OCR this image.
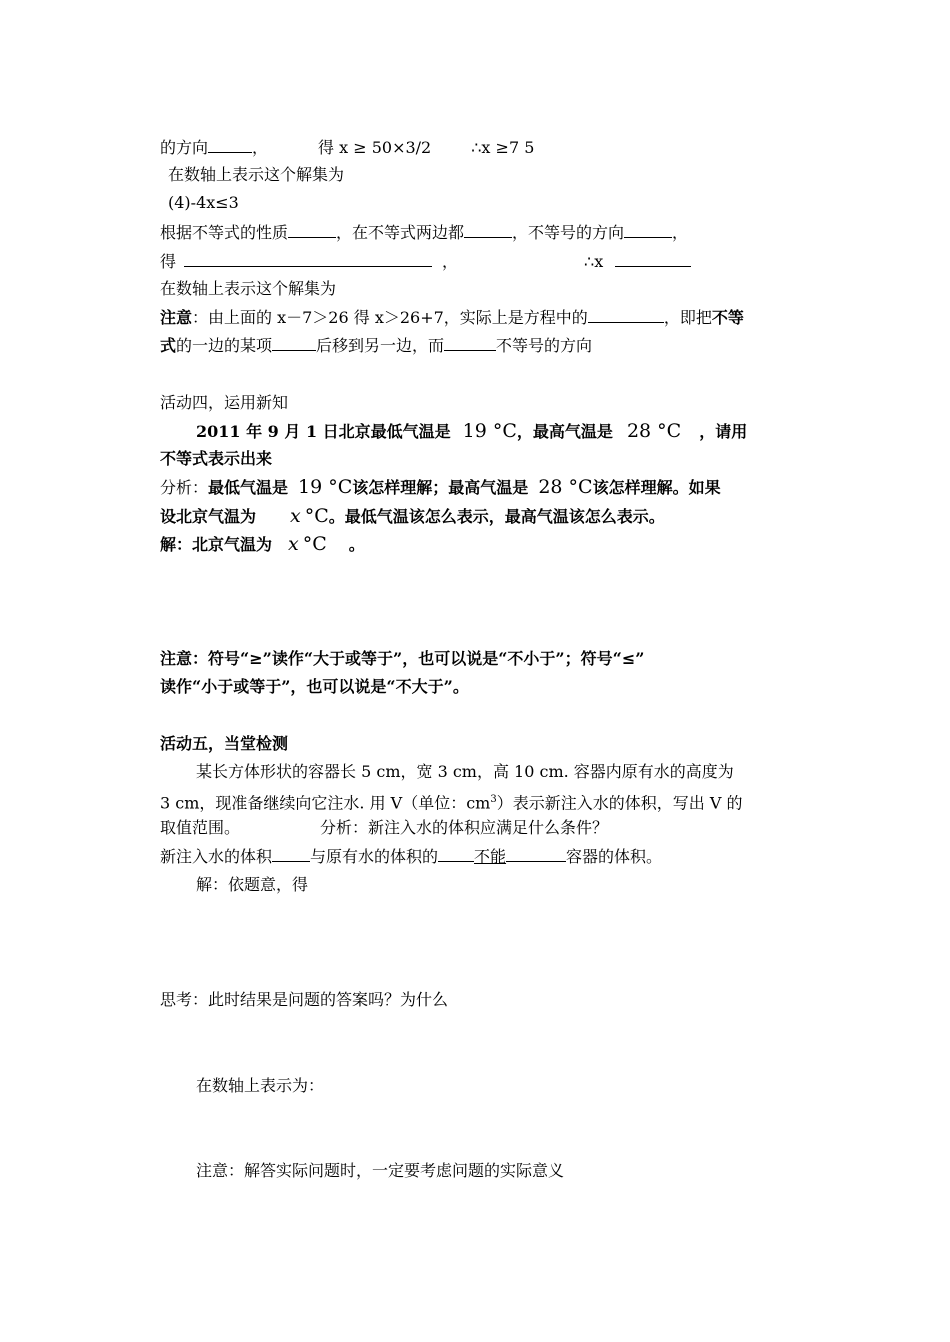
的方向	，	得 x ≥ 50×3/2	∴x ≥7 5
在数轴上表示这个解集为
(4)-4x≤3
根据不等式的性质	，在不等式两边都	，不等号的方向	，
得	，	∴x
在数轴上表示这个解集为
注意：由上面的 x－7＞26 得 x＞26+7，实际上是方程中的	，即把不等
式的一边的某项	后移到另一边，而	不等号的方向
活动四，运用新知
2011 年 9 月 1 日北京最低气温是 19 °C，最高气温是 28 °C ，请用
不等式表示出来
分析：最低气温是 19 °C该怎样理解；最高气温是 28 °C该怎样理解。如果
设北京气温为 x °C。最低气温该怎么表示，最高气温该怎么表示。
解：北京气温为 x °C 。
注意：符号“≥”读作“大于或等于”，也可以说是“不小于”；符号“≤”
读作“小于或等于”，也可以说是“不大于”。
活动五，当堂检测
某长方体形状的容器长 5 cm，宽 3 cm，高 10 cm. 容器内原有水的高度为
3 cm，现准备继续向它注水. 用 V（单位：$cm^3$）表示新注入水的体积，写出 V 的
取值范围。	分析：新注入水的体积应满足什么条件？
新注入水的体积 与原有水的体积的 不能	容器的体积。
解：依题意，得
思考：此时结果是问题的答案吗？为什么
在数轴上表示为：
注意：解答实际问题时，一定要考虑问题的实际意义
